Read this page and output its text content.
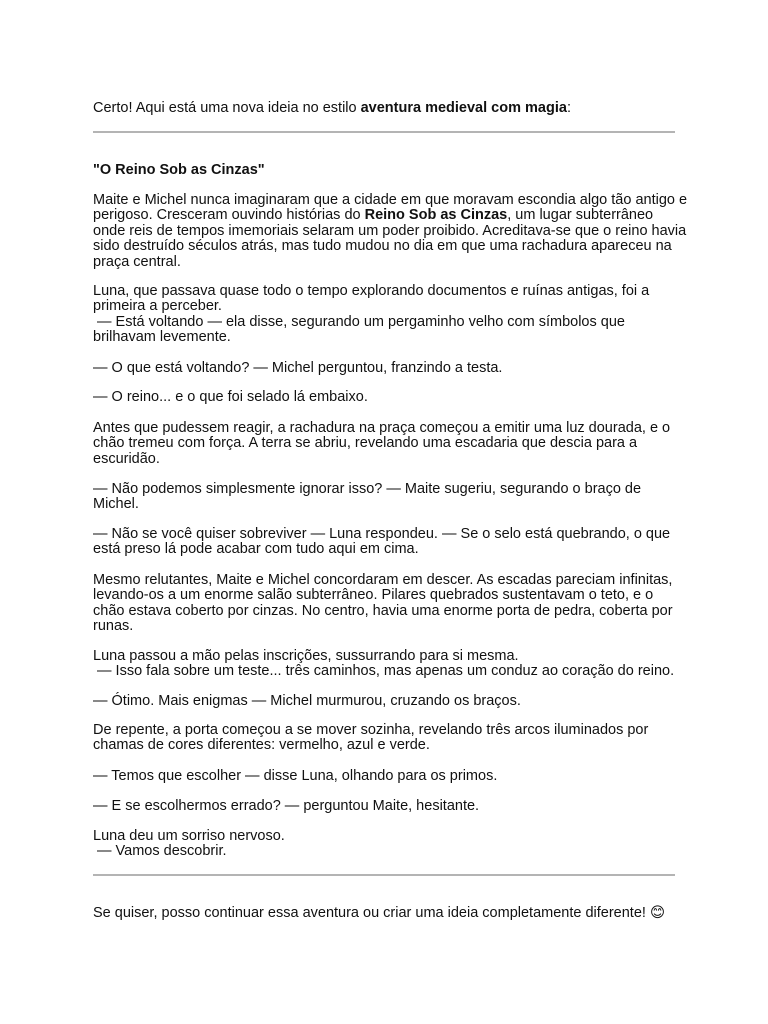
Certo! Aqui está uma nova ideia no estilo aventura medieval com magia:

"O Reino Sob as Cinzas"

Maite e Michel nunca imaginaram que a cidade em que moravam escondia algo tão antigo e
perigoso. Cresceram ouvindo histórias do Reino Sob as Cinzas, um lugar subterrâneo
onde reis de tempos imemoriais selaram um poder proibido. Acreditava-se que o reino havia
sido destruído séculos atrás, mas tudo mudou no dia em que uma rachadura apareceu na
praça central.

Luna, que passava quase todo o tempo explorando documentos e ruínas antigas, foi a
primeira a perceber.
— Está voltando — ela disse, segurando um pergaminho velho com símbolos que
brilhavam levemente.

— O que está voltando? — Michel perguntou, franzindo a testa.

— O reino... e o que foi selado lá embaixo.

Antes que pudessem reagir, a rachadura na praça começou a emitir uma luz dourada, e o
chão tremeu com força. A terra se abriu, revelando uma escadaria que descia para a
escuridão.

— Não podemos simplesmente ignorar isso? — Maite sugeriu, segurando o braço de
Michel.

— Não se você quiser sobreviver — Luna respondeu. — Se o selo está quebrando, o que
está preso lá pode acabar com tudo aqui em cima.

Mesmo relutantes, Maite e Michel concordaram em descer. As escadas pareciam infinitas,
levando-os a um enorme salão subterrâneo. Pilares quebrados sustentavam o teto, e o
chão estava coberto por cinzas. No centro, havia uma enorme porta de pedra, coberta por
runas.

Luna passou a mão pelas inscrições, sussurrando para si mesma.
— Isso fala sobre um teste... três caminhos, mas apenas um conduz ao coração do reino.

— Ótimo. Mais enigmas — Michel murmurou, cruzando os braços.

De repente, a porta começou a se mover sozinha, revelando três arcos iluminados por
chamas de cores diferentes: vermelho, azul e verde.

— Temos que escolher — disse Luna, olhando para os primos.

— E se escolhermos errado? — perguntou Maite, hesitante.

Luna deu um sorriso nervoso.
— Vamos descobrir.

Se quiser, posso continuar essa aventura ou criar uma ideia completamente diferente! 😊
